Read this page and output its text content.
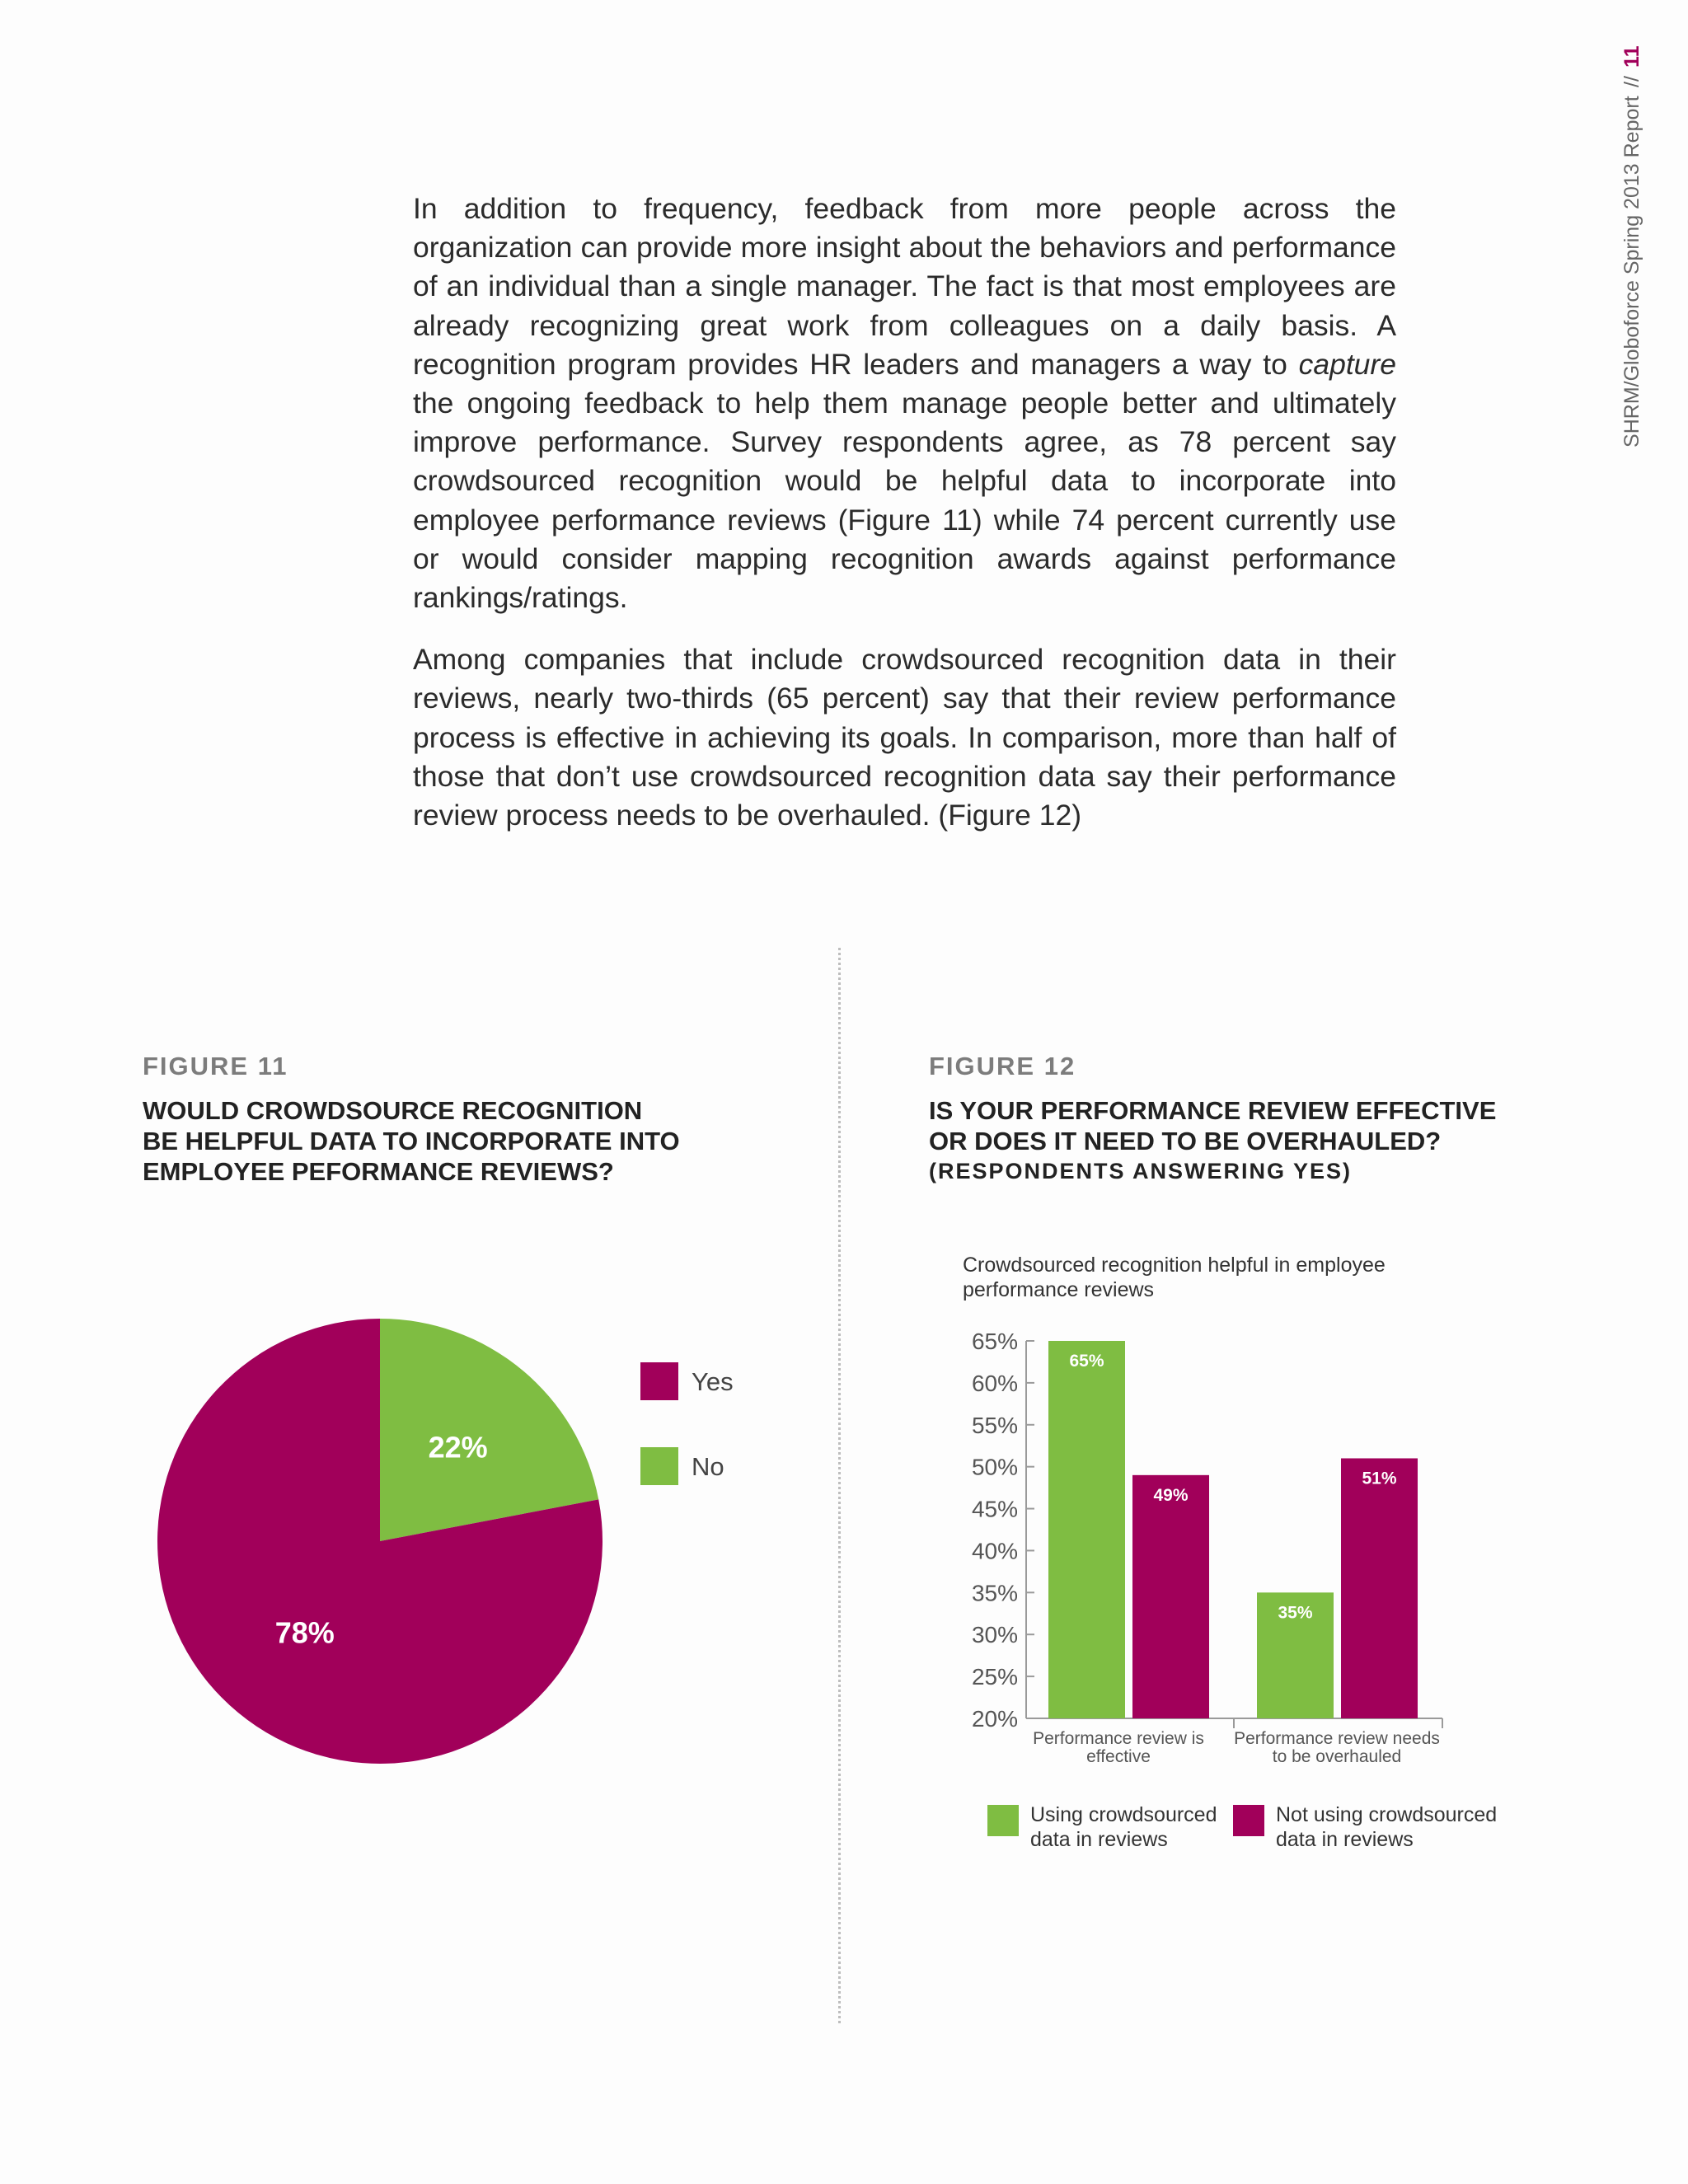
SHRM/Globoforce Spring 2013 Report
//
11

In addition to frequency, feedback from more people across the organization can provide more insight about the behaviors and performance of an individual than a single manager. The fact is that most employees are already recognizing great work from colleagues on a daily basis. A recognition program provides HR leaders and managers a way to capture the ongoing feedback to help them manage people better and ultimately improve performance. Survey respondents agree, as 78 percent say crowdsourced recognition would be helpful data to incorporate into employee performance reviews (Figure 11) while 74 percent currently use or would consider mapping recognition awards against performance rankings/ratings.

Among companies that include crowdsourced recognition data in their reviews, nearly two-thirds (65 percent) say that their review performance process is effective in achieving its goals. In comparison, more than half of those that don’t use crowdsourced recognition data say their performance review process needs to be overhauled. (Figure 12)

FIGURE 11
WOULD CROWDSOURCE RECOGNITION
BE HELPFUL DATA TO INCORPORATE INTO
EMPLOYEE PEFORMANCE REVIEWS?
FIGURE 12
IS YOUR PERFORMANCE REVIEW EFFECTIVE
OR DOES IT NEED TO BE OVERHAULED?
(RESPONDENTS ANSWERING YES)
Crowdsourced recognition helpful in employee performance reviews
22%
78%
Yes
No
20%
25%
30%
35%
40%
45%
50%
55%
60%
65%
65%
35%
49%
51%
Performance review is
effective
Performance review needs
to be overhauled
Using crowdsourced
data in reviews
Not using crowdsourced
data in reviews
